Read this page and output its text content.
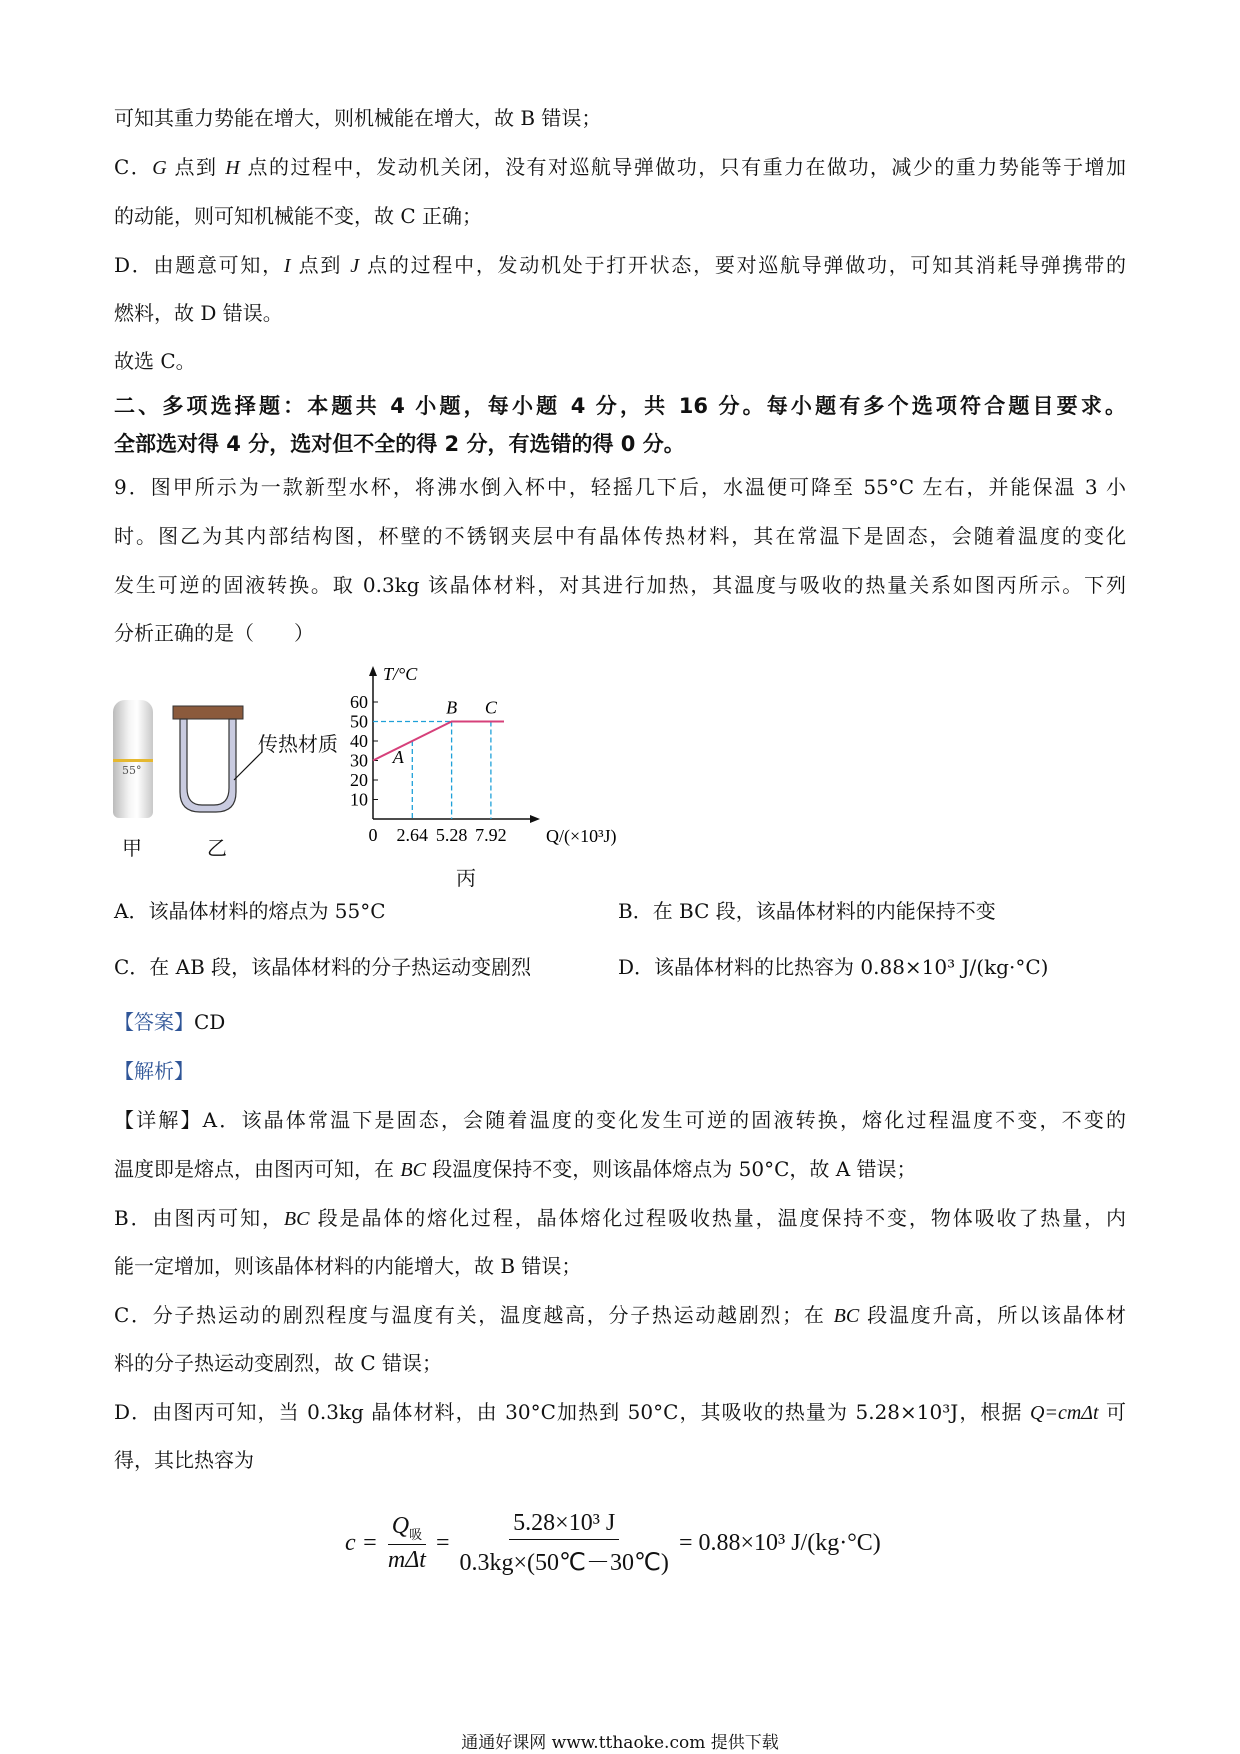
可知其重力势能在增大，则机械能在增大，故 B 错误；
C．G 点到 H 点的过程中，发动机关闭，没有对巡航导弹做功，只有重力在做功，减少的重力势能等于增加
的动能，则可知机械能不变，故 C 正确；
D．由题意可知，I 点到 J 点的过程中，发动机处于打开状态，要对巡航导弹做功，可知其消耗导弹携带的
燃料，故 D 错误。
故选 C。
二、多项选择题：本题共 4 小题，每小题 4 分，共 16 分。每小题有多个选项符合题目要求。
全部选对得 4 分，选对但不全的得 2 分，有选错的得 0 分。
9．图甲所示为一款新型水杯，将沸水倒入杯中，轻摇几下后，水温便可降至 55°C 左右，并能保温 3 小
时。图乙为其内部结构图，杯壁的不锈钢夹层中有晶体传热材料，其在常温下是固态，会随着温度的变化
发生可逆的固液转换。取 0.3kg 该晶体材料，对其进行加热，其温度与吸收的热量关系如图丙所示。下列
分析正确的是（　　）
【答案】CD
【解析】
【详解】A．该晶体常温下是固态，会随着温度的变化发生可逆的固液转换，熔化过程温度不变，不变的
温度即是熔点，由图丙可知，在 BC 段温度保持不变，则该晶体熔点为 50°C，故 A 错误；
B．由图丙可知，BC 段是晶体的熔化过程，晶体熔化过程吸收热量，温度保持不变，物体吸收了热量，内
能一定增加，则该晶体材料的内能增大，故 B 错误；
C．分子热运动的剧烈程度与温度有关，温度越高，分子热运动越剧烈；在 BC 段温度升高，所以该晶体材
料的分子热运动变剧烈，故 C 错误；
D．由图丙可知，当 0.3kg 晶体材料，由 30°C加热到 50°C，其吸收的热量为 5.28×10³J，根据 Q=cmΔt 可
得，其比热容为
55°
传热材质
甲	乙
丙
10
20
30
40
50
60
0 2.64 5.28 7.92
A
B C
T/°C
Q/(×10³J)
A．该晶体材料的熔点为 55°C	B．在 BC 段，该晶体材料的内能保持不变
C．在 AB 段，该晶体材料的分子热运动变剧烈	D．该晶体材料的比热容为 0.88×10³ J/(kg·°C)
$c = \frac{Q_吸}{\text{mΔt}} = \frac{\text{5.28×10³ J}}{0.3kg\times(50℃-30℃)} = 0.88\times 10^3$ J/(kg·°C)
通通好课网 www.tthaoke.com 提供下载
